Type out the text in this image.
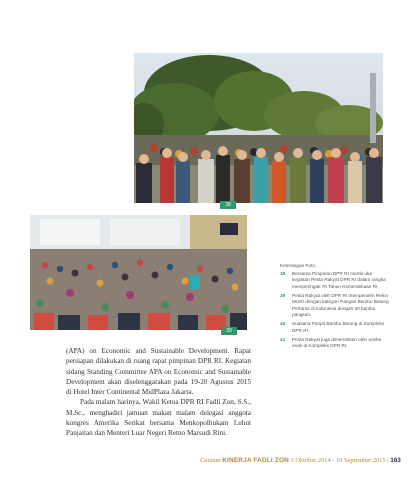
38
39
Keterangan Foto:
38	Bersama Pimpinan DPR RI memb uka kegiatan Pesta Rakyat DPR RI dalam rangka memperingati 70 Tahun Kemerdekaan RI.
39	Pesta Rakyat oleh DPR RI memperoleh Rekor MURI dengan kategori Pangan Bambu Betung Pertama di Indonesia dengan 30 bambu pangsan.
40	Suasana Panjat Bambu Betung di Kompleks DPR RI.
41	Pesta Rakyat juga dimeriahkan oleh aneka anak di Kompleks DPR RI.

(APA) on Economic and Sustainable Development. Rapat persiapan dilakukan di ruang rapat pimpinan DPR RI. Kegiatan sidang Standing Committee APA on Economic and Sustainable Development akan diselenggarakan pada 19-20 Agustus 2015 di Hotel Inter Continental MidPlaza Jakarta.

Pada malam harinya, Wakil Ketua DPR RI Fadli Zon, S.S., M.Sc., menghadiri jamuan makan malam delegasi anggota kongres Amerika Serikat bersama Menkopolhukam Luhut Panjaitan dan Menteri Luar Negeri Retno Marsudi Rini.

Catatan KINERJA FADLI ZON 3 Oktober 2014 - 10 September 2015 | 163
